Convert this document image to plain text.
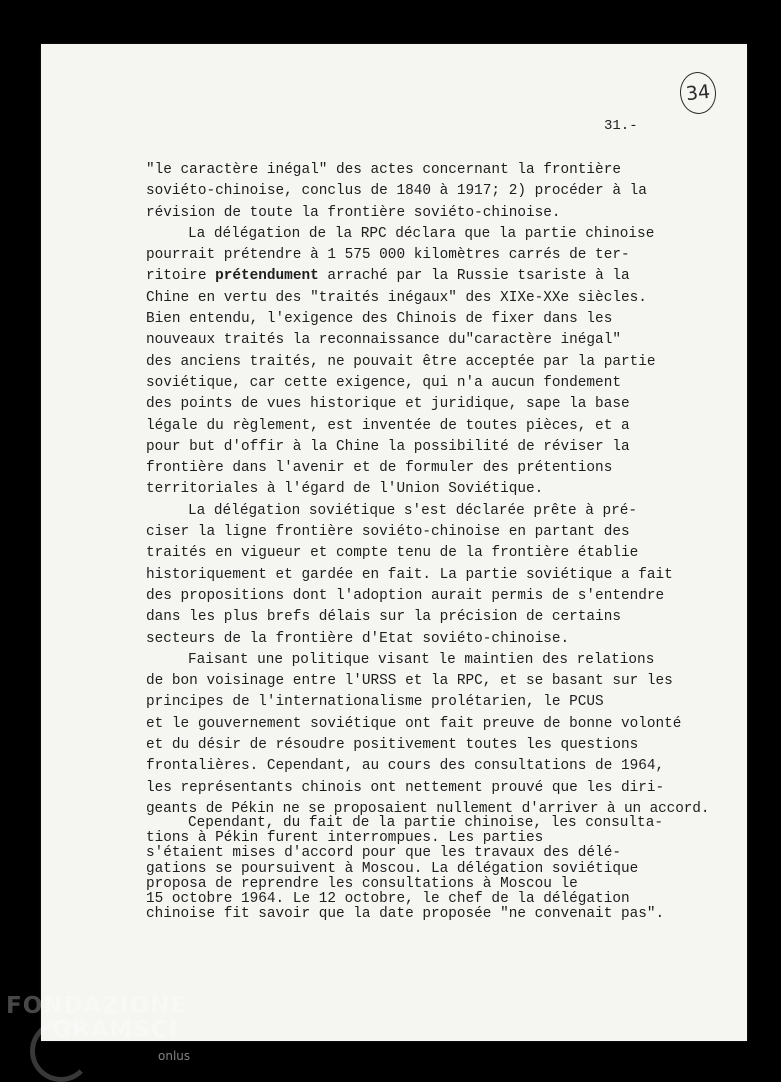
34
31.-
"le caractère inégal" des actes concernant la frontière
soviéto-chinoise, conclus de 1840 à 1917; 2) procéder à la
révision de toute la frontière soviéto-chinoise.
La délégation de la RPC déclara que la partie chinoise
pourrait prétendre à 1 575 000 kilomètres carrés de ter-
ritoire prétendument arraché par la Russie tsariste à la
Chine en vertu des "traités inégaux" des XIXe-XXe siècles.
Bien entendu, l'exigence des Chinois de fixer dans les
nouveaux traités la reconnaissance du"caractère inégal"
des anciens traités, ne pouvait être acceptée par la partie
soviétique, car cette exigence, qui n'a aucun fondement
des points de vues historique et juridique, sape la base
légale du règlement, est inventée de toutes pièces, et a
pour but d'offir à la Chine la possibilité de réviser la
frontière dans l'avenir et de formuler des prétentions
territoriales à l'égard de l'Union Soviétique.
La délégation soviétique s'est déclarée prête à pré-
ciser la ligne frontière soviéto-chinoise en partant des
traités en vigueur et compte tenu de la frontière établie
historiquement et gardée en fait. La partie soviétique a fait
des propositions dont l'adoption aurait permis de s'entendre
dans les plus brefs délais sur la précision de certains
secteurs de la frontière d'Etat soviéto-chinoise.
Faisant une politique visant le maintien des relations
de bon voisinage entre l'URSS et la RPC, et se basant sur les
principes de l'internationalisme prolétarien, le PCUS
et le gouvernement soviétique ont fait preuve de bonne volonté
et du désir de résoudre positivement toutes les questions
frontalières. Cependant, au cours des consultations de 1964,
les représentants chinois ont nettement prouvé que les diri-
geants de Pékin ne se proposaient nullement d'arriver à un accord.
Cependant, du fait de la partie chinoise, les consulta-
tions à Pékin furent interrompues. Les parties
s'étaient mises d'accord pour que les travaux des délé-
gations se poursuivent à Moscou. La délégation soviétique
proposa de reprendre les consultations à Moscou le
15 octobre 1964. Le 12 octobre, le chef de la délégation
chinoise fit savoir que la date proposée "ne convenait pas".
FONDAZIONE
GRAMSCI
onlus
